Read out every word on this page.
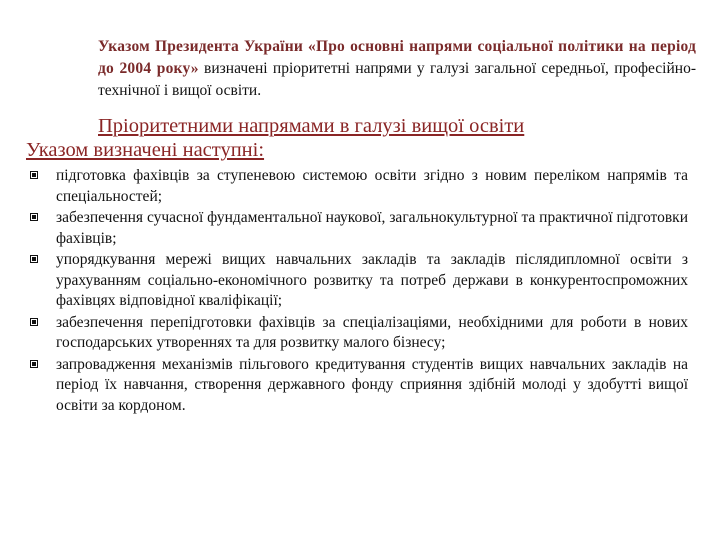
Указом Президента України «Про основні напрями соціальної політики на період до 2004 року» визначені пріоритетні напрями у галузі загальної середньої, професійно-технічної і вищої освіти.
Пріоритетними напрямами в галузі вищої освіти
Указом визначені наступні:
підготовка фахівців за ступеневою системою освіти згідно з новим переліком напрямів та спеціальностей;
забезпечення сучасної фундаментальної наукової, загальнокультурної та практичної підготовки фахівців;
упорядкування мережі вищих навчальних закладів та закладів післядипломної освіти з урахуванням соціально-економічного розвитку та потреб держави в конкурентоспроможних фахівцях відповідної кваліфікації;
забезпечення перепідготовки фахівців за спеціалізаціями, необхідними для роботи в нових господарських утвореннях та для розвитку малого бізнесу;
запровадження механізмів пільгового кредитування студентів вищих навчальних закладів на період їх навчання, створення державного фонду сприяння здібній молоді у здобутті вищої освіти за кордоном.
